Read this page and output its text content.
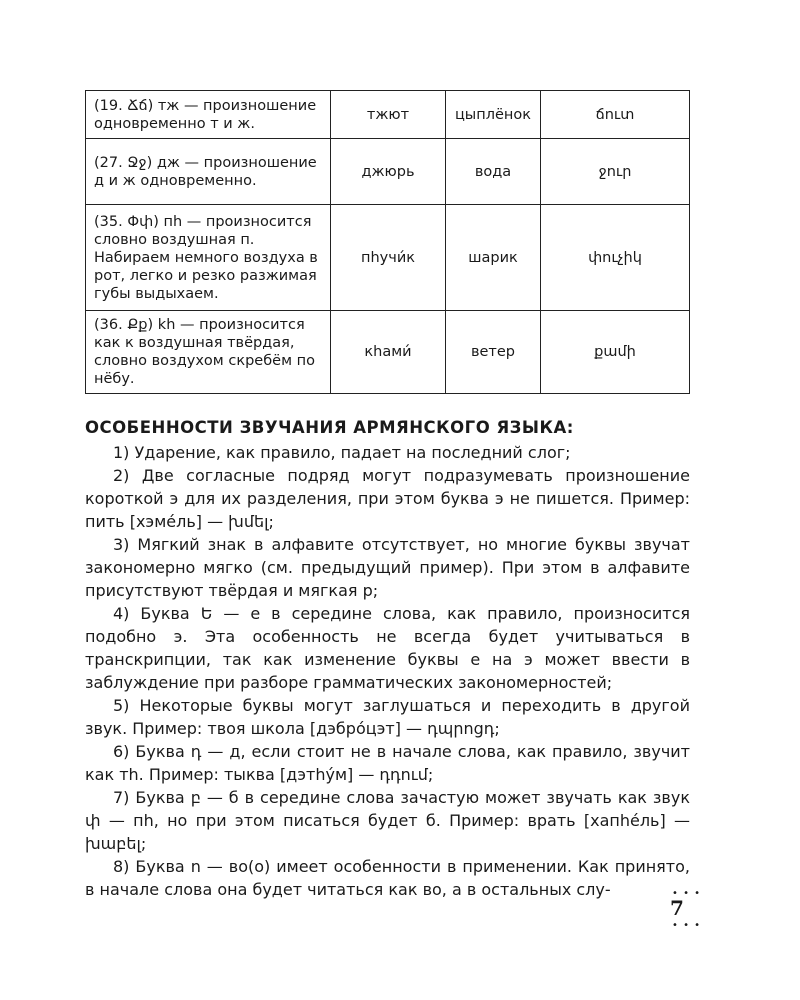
(19. Ճճ) тж — произношение одновременно т и ж.	тжют	цыплёнок	ճուտ
(27. Ջջ) дж — произношение д и ж одновременно.	джюрь	вода	ջուր
(35. Փփ) пh — произносится словно воздушная п. Набираем немного воздуха в рот, легко и резко разжимая губы выдыхаем.	пhучи́к	шарик	փուչիկ
(36. Քք) kh — произносится как к воздушная твёрдая, словно воздухом скребём по нёбу.	кhами́	ветер	քամի
ОСОБЕННОСТИ ЗВУЧАНИЯ АРМЯНСКОГО ЯЗЫКА:

1) Ударение, как правило, падает на последний слог;

2) Две согласные подряд могут подразумевать произношение короткой э для их разделения, при этом буква э не пишется. Пример: пить [хэме́ль] — խմել;

3) Мягкий знак в алфавите отсутствует, но многие буквы звучат закономерно мягко (см. предыдущий пример). При этом в алфавите присутствуют твёрдая и мягкая р;

4) Буква Ե — е в середине слова, как правило, произносится подобно э. Эта особенность не всегда будет учитываться в транскрипции, так как изменение буквы е на э может ввести в заблуждение при разборе грамматических закономерностей;

5) Некоторые буквы могут заглушаться и переходить в другой звук. Пример: твоя школа [дэбро́цэт] — դպրոցդ;

6) Буква դ — д, если стоит не в начале слова, как правило, звучит как тh. Пример: тыква [дэтhу́м] — դդում;

7) Буква բ — б в середине слова зачастую может звучать как звук փ — пh, но при этом писаться будет б. Пример: врать [хапhе́ль] — խաբել;

8) Буква ո — во(о) имеет особенности в применении. Как принято, в начале слова она будет читаться как во, а в остальных слу-	• • •
7
• • •
